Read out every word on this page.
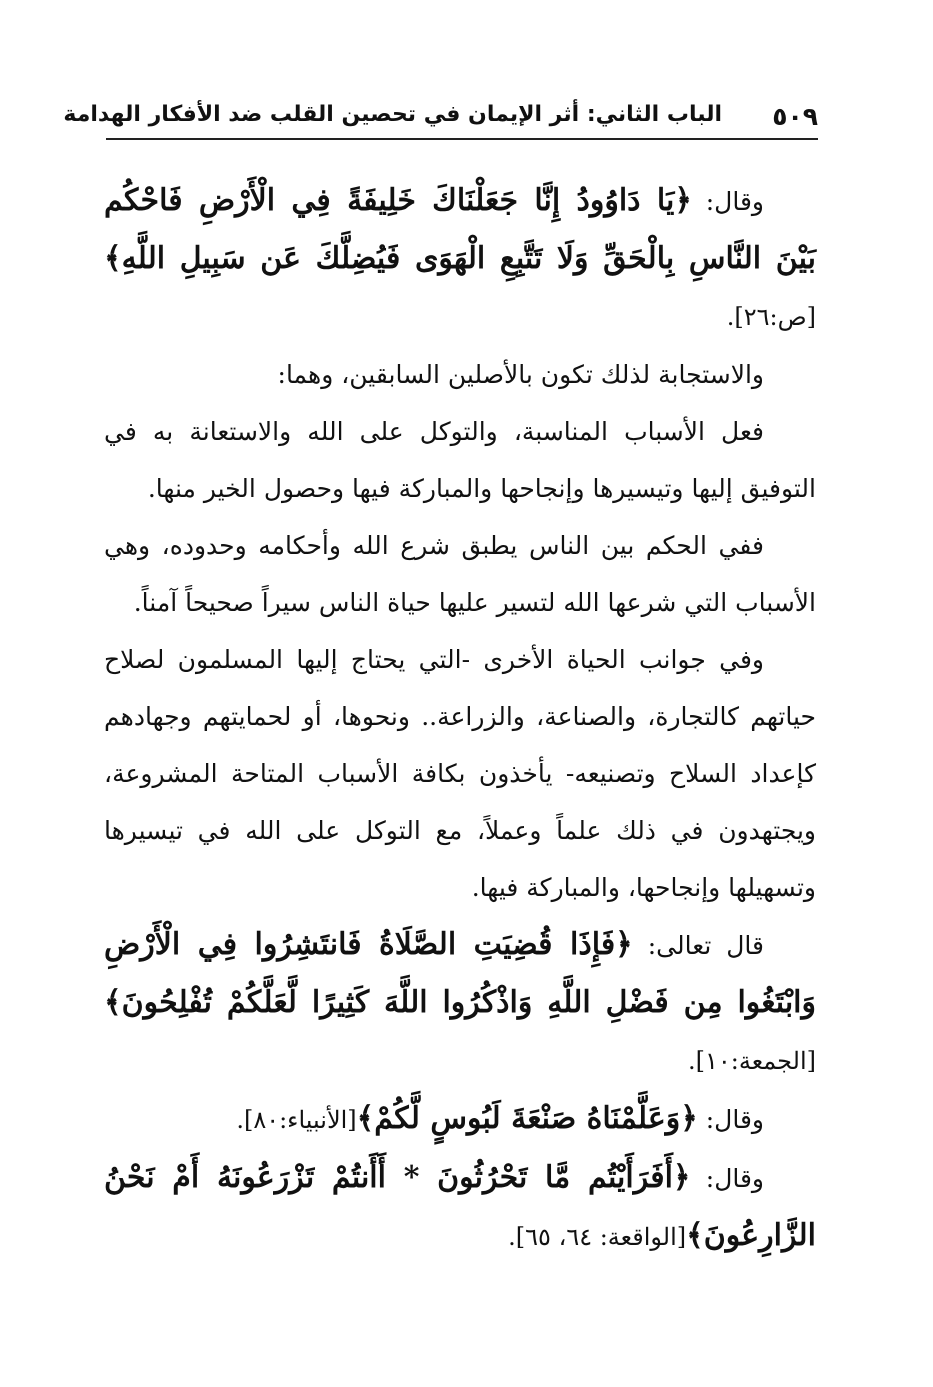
٥٠٩
الباب الثاني: أثر الإيمان في تحصين القلب ضد الأفكار الهدامة

وقال: ﴿يَا دَاوُودُ إِنَّا جَعَلْنَاكَ خَلِيفَةً فِي الْأَرْضِ فَاحْكُم بَيْنَ النَّاسِ بِالْحَقِّ وَلَا تَتَّبِعِ الْهَوَى فَيُضِلَّكَ عَن سَبِيلِ اللَّهِ﴾[ص:٢٦].

والاستجابة لذلك تكون بالأصلين السابقين، وهما:

فعل الأسباب المناسبة، والتوكل على الله والاستعانة به في التوفيق إليها وتيسيرها وإنجاحها والمباركة فيها وحصول الخير منها.

ففي الحكم بين الناس يطبق شرع الله وأحكامه وحدوده، وهي الأسباب التي شرعها الله لتسير عليها حياة الناس سيراً صحيحاً آمناً.

وفي جوانب الحياة الأخرى -التي يحتاج إليها المسلمون لصلاح حياتهم كالتجارة، والصناعة، والزراعة.. ونحوها، أو لحمايتهم وجهادهم كإعداد السلاح وتصنيعه- يأخذون بكافة الأسباب المتاحة المشروعة، ويجتهدون في ذلك علماً وعملاً، مع التوكل على الله في تيسيرها وتسهيلها وإنجاحها، والمباركة فيها.

قال تعالى: ﴿فَإِذَا قُضِيَتِ الصَّلَاةُ فَانتَشِرُوا فِي الْأَرْضِ وَابْتَغُوا مِن فَضْلِ اللَّهِ وَاذْكُرُوا اللَّهَ كَثِيرًا لَّعَلَّكُمْ تُفْلِحُونَ﴾[الجمعة:١٠].

وقال: ﴿وَعَلَّمْنَاهُ صَنْعَةَ لَبُوسٍ لَّكُمْ﴾[الأنبياء:٨٠].

وقال: ﴿أَفَرَأَيْتُم مَّا تَحْرُثُونَ * أَأَنتُمْ تَزْرَعُونَهُ أَمْ نَحْنُ الزَّارِعُونَ﴾[الواقعة: ٦٤، ٦٥].
